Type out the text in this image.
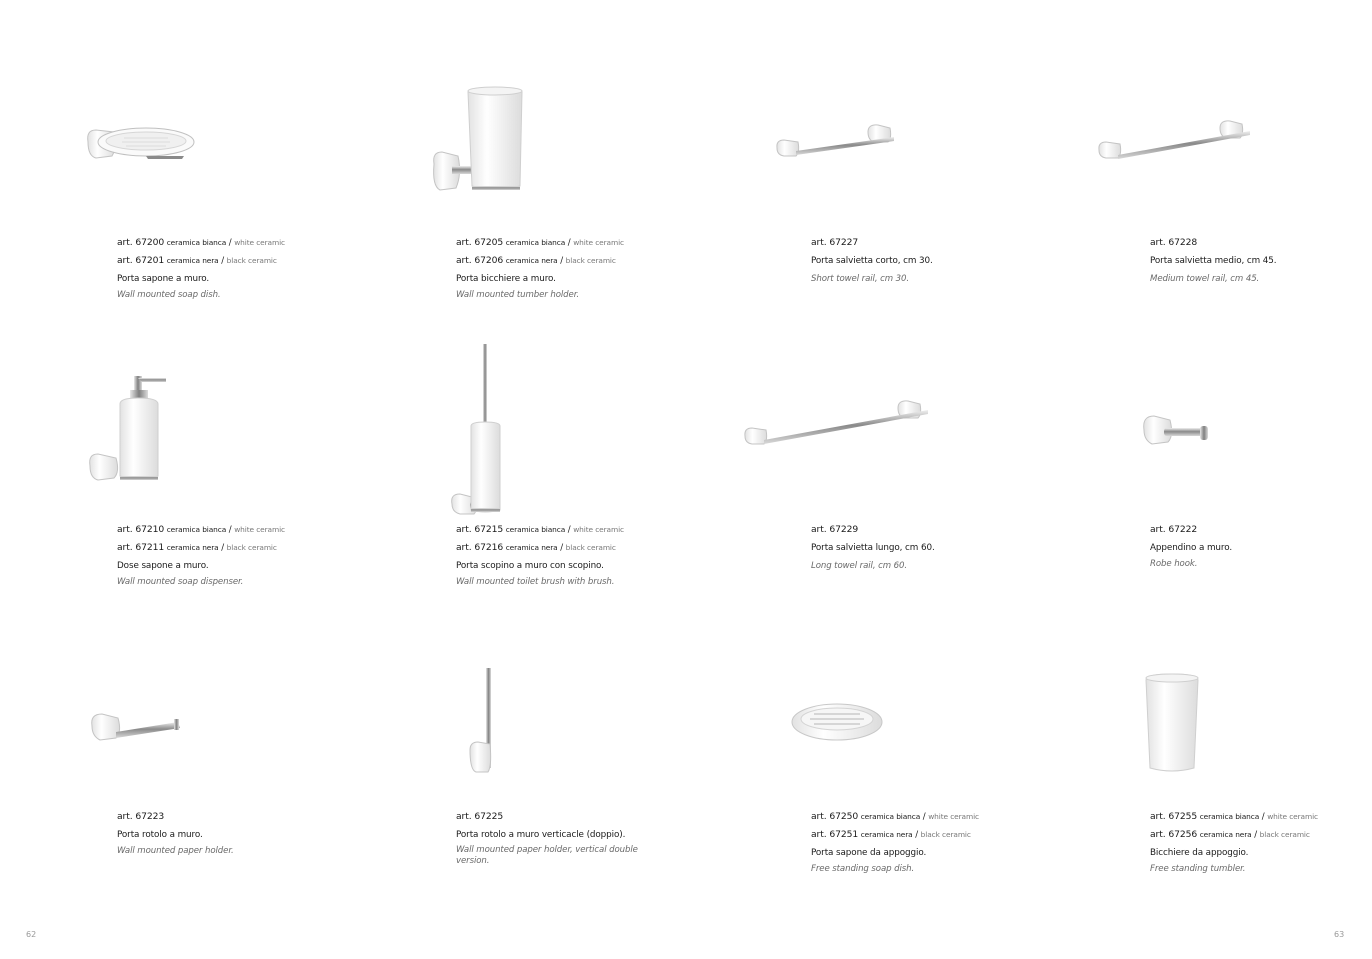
art. 67200 ceramica bianca / white ceramic
art. 67201 ceramica nera / black ceramic
Porta sapone a muro.
Wall mounted soap dish.
art. 67205 ceramica bianca / white ceramic
art. 67206 ceramica nera / black ceramic
Porta bicchiere a muro.
Wall mounted tumber holder.
art. 67227
Porta salvietta corto, cm 30.
Short towel rail, cm 30.
art. 67228
Porta salvietta medio, cm 45.
Medium towel rail, cm 45.
art. 67210 ceramica bianca / white ceramic
art. 67211 ceramica nera / black ceramic
Dose sapone a muro.
Wall mounted soap dispenser.
art. 67215 ceramica bianca / white ceramic
art. 67216 ceramica nera / black ceramic
Porta scopino a muro con scopino.
Wall mounted toilet brush with brush.
art. 67229
Porta salvietta lungo, cm 60.
Long towel rail, cm 60.
art. 67222
Appendino a muro.
Robe hook.
art. 67223
Porta rotolo a muro.
Wall mounted paper holder.
art. 67225
Porta rotolo a muro verticacle (doppio).
Wall mounted paper holder, vertical double version.
art. 67250 ceramica bianca / white ceramic
art. 67251 ceramica nera / black ceramic
Porta sapone da appoggio.
Free standing soap dish.
art. 67255 ceramica bianca / white ceramic
art. 67256 ceramica nera / black ceramic
Bicchiere da appoggio.
Free standing tumbler.
62	63
